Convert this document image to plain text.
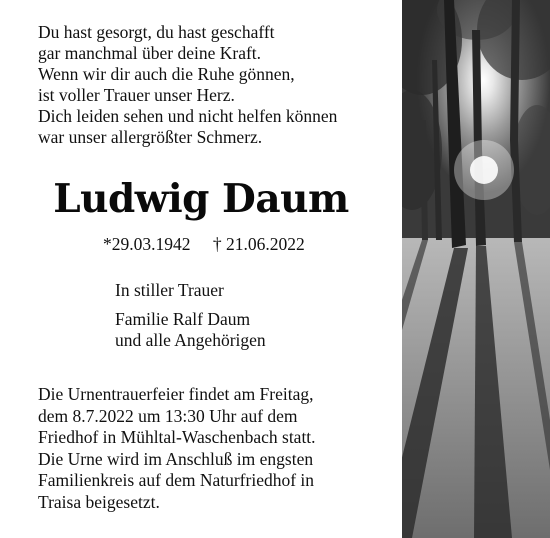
Du hast gesorgt, du hast geschafft
gar manchmal über deine Kraft.
Wenn wir dir auch die Ruhe gönnen,
ist voller Trauer unser Herz.
Dich leiden sehen und nicht helfen können
war unser allergrößter Schmerz.
Ludwig Daum
*29.03.1942 † 21.06.2022
In stiller Trauer
Familie Ralf Daum
und alle Angehörigen
Die Urnentrauerfeier findet am Freitag,
dem 8.7.2022 um 13:30 Uhr auf dem
Friedhof in Mühltal-Waschenbach statt.
Die Urne wird im Anschluß im engsten
Familienkreis auf dem Naturfriedhof in
Traisa beigesetzt.
